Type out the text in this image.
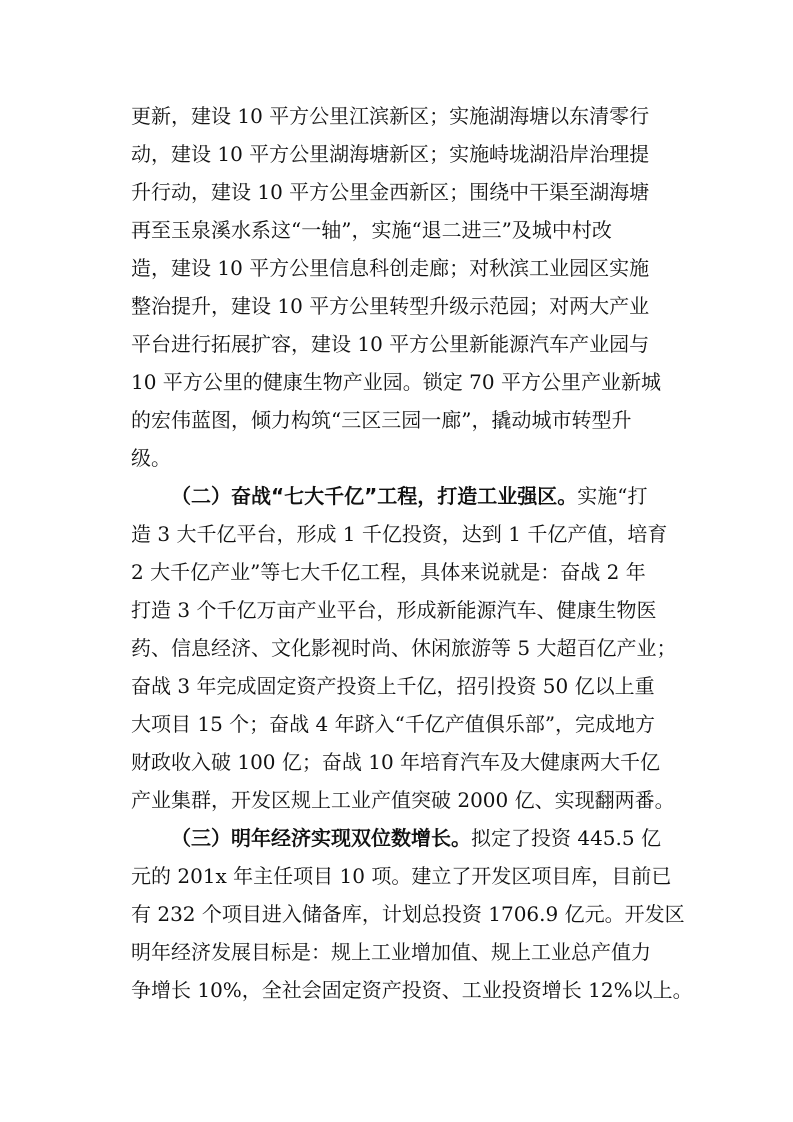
更新，建设 10 平方公里江滨新区；实施湖海塘以东清零行
动，建设 10 平方公里湖海塘新区；实施峙垅湖沿岸治理提
升行动，建设 10 平方公里金西新区；围绕中干渠至湖海塘
再至玉泉溪水系这“一轴”，实施“退二进三”及城中村改
造，建设 10 平方公里信息科创走廊；对秋滨工业园区实施
整治提升，建设 10 平方公里转型升级示范园；对两大产业
平台进行拓展扩容，建设 10 平方公里新能源汽车产业园与
10 平方公里的健康生物产业园。锁定 70 平方公里产业新城
的宏伟蓝图，倾力构筑“三区三园一廊”，撬动城市转型升
级。
（二）奋战“七大千亿”工程，打造工业强区。 实施“打
造 3 大千亿平台，形成 1 千亿投资，达到 1 千亿产值，培育
2 大千亿产业”等七大千亿工程，具体来说就是：奋战 2 年
打造 3 个千亿万亩产业平台，形成新能源汽车、健康生物医
药、信息经济、文化影视时尚、休闲旅游等 5 大超百亿产业；
奋战 3 年完成固定资产投资上千亿，招引投资 50 亿以上重
大项目 15 个；奋战 4 年跻入“千亿产值俱乐部”，完成地方
财政收入破 100 亿；奋战 10 年培育汽车及大健康两大千亿
产业集群，开发区规上工业产值突破 2000 亿、实现翻两番。
（三）明年经济实现双位数增长。 拟定了投资 445.5 亿
元的 201x 年主任项目 10 项。建立了开发区项目库，目前已
有 232 个项目进入储备库，计划总投资 1706.9 亿元。开发区
明年经济发展目标是：规上工业增加值、规上工业总产值力
争增长 10%，全社会固定资产投资、工业投资增长 12%以上。
